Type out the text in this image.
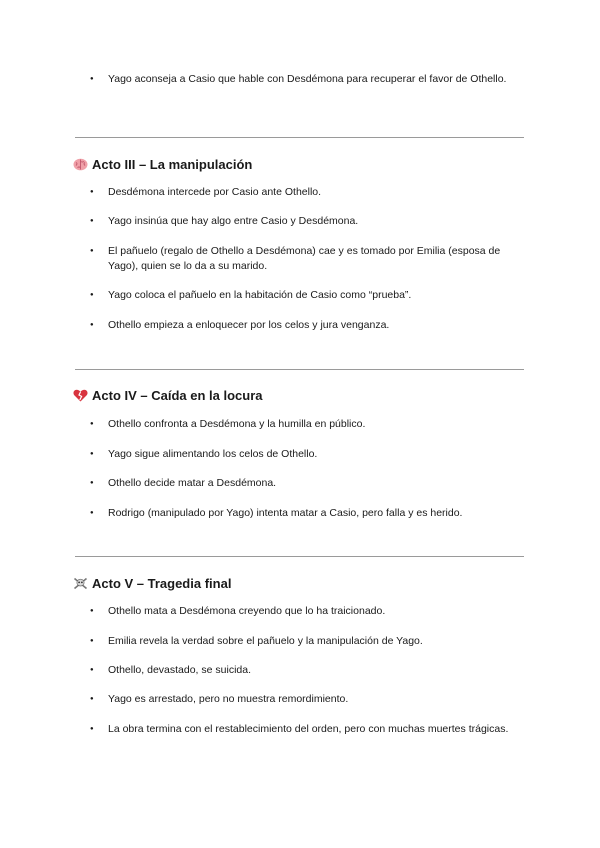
● Yago aconseja a Casio que hable con Desdémona para recuperar el favor de Othello.
Acto III – La manipulación
● Desdémona intercede por Casio ante Othello.
● Yago insinúa que hay algo entre Casio y Desdémona.
● El pañuelo (regalo de Othello a Desdémona) cae y es tomado por Emilia (esposa de Yago), quien se lo da a su marido.
● Yago coloca el pañuelo en la habitación de Casio como “prueba”.
● Othello empieza a enloquecer por los celos y jura venganza.
Acto IV – Caída en la locura
● Othello confronta a Desdémona y la humilla en público.
● Yago sigue alimentando los celos de Othello.
● Othello decide matar a Desdémona.
● Rodrigo (manipulado por Yago) intenta matar a Casio, pero falla y es herido.
Acto V – Tragedia final
● Othello mata a Desdémona creyendo que lo ha traicionado.
● Emilia revela la verdad sobre el pañuelo y la manipulación de Yago.
● Othello, devastado, se suicida.
● Yago es arrestado, pero no muestra remordimiento.
● La obra termina con el restablecimiento del orden, pero con muchas muertes trágicas.
